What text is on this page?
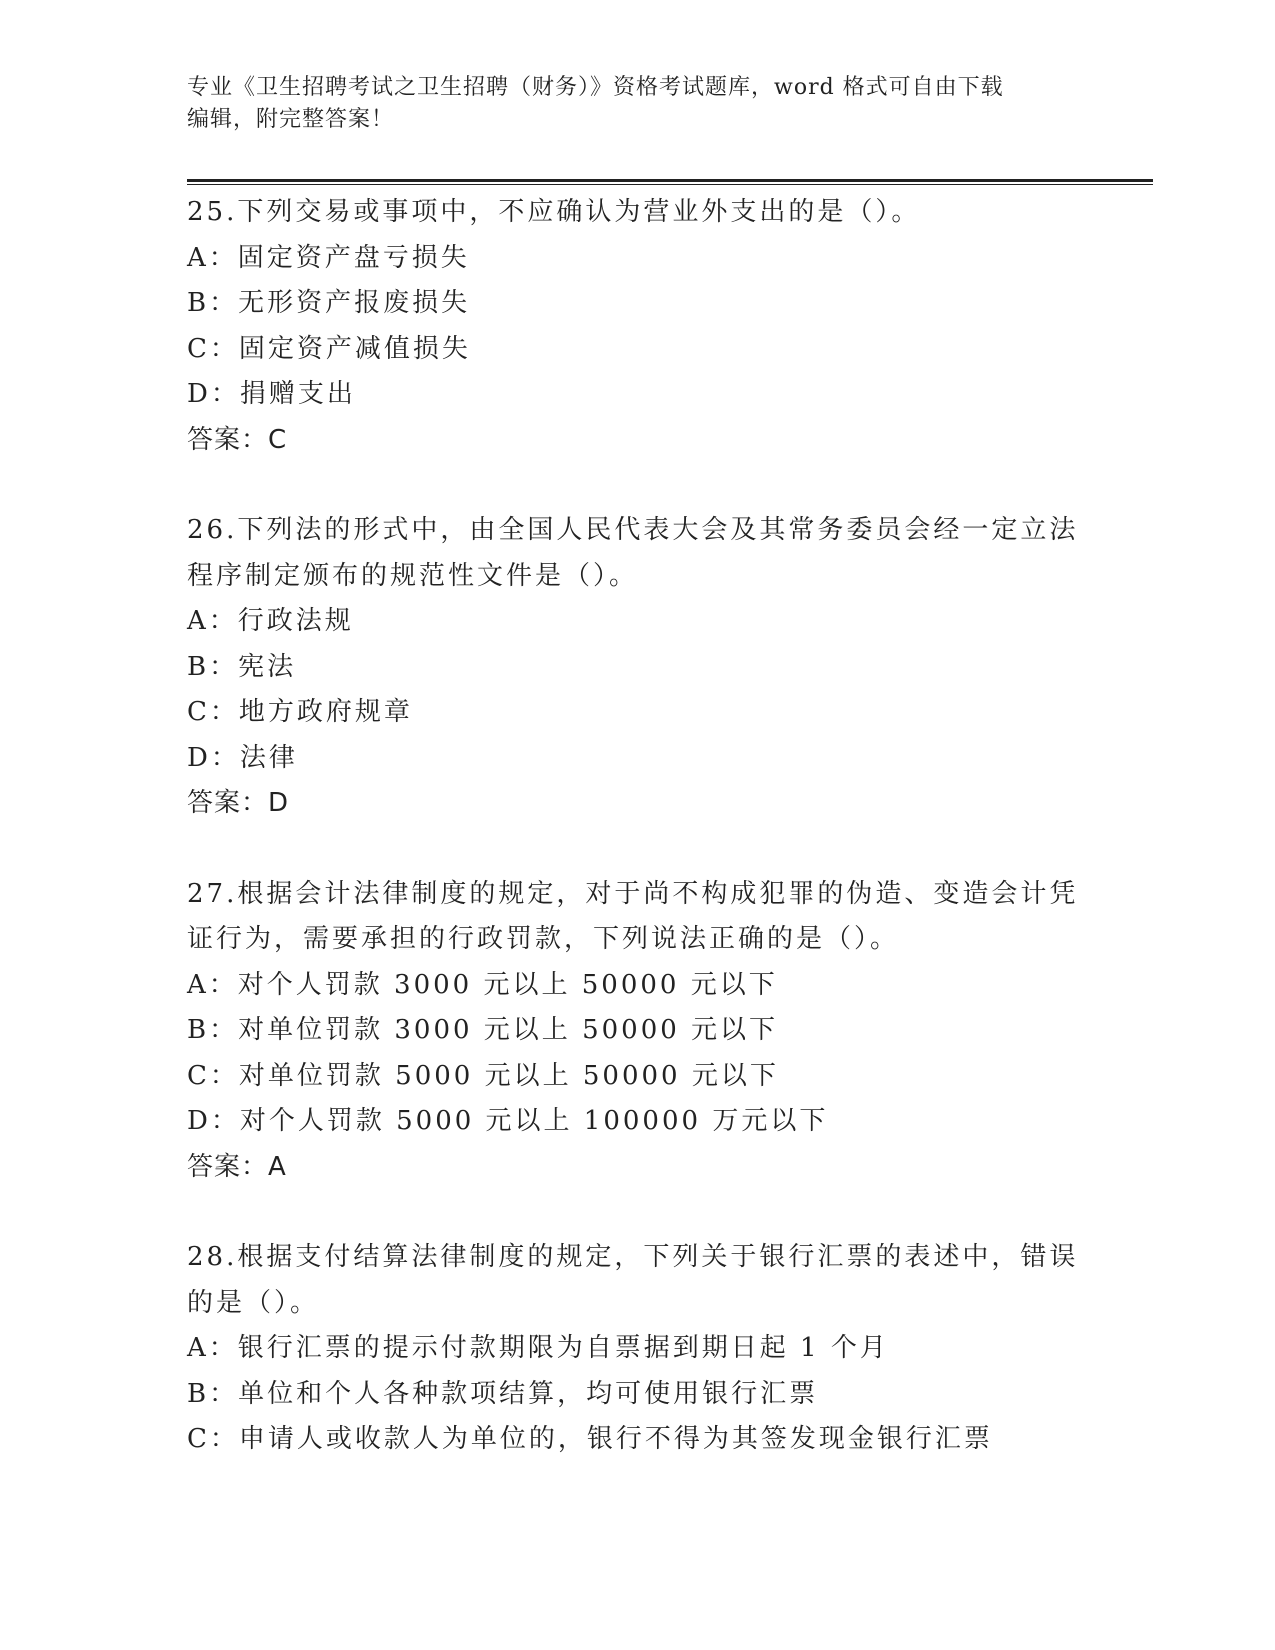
专业《卫生招聘考试之卫生招聘（财务）》资格考试题库，word 格式可自由下载
编辑，附完整答案！
25.下列交易或事项中，不应确认为营业外支出的是（）。
A：固定资产盘亏损失
B：无形资产报废损失
C：固定资产减值损失
D：捐赠支出
答案：C
26.下列法的形式中，由全国人民代表大会及其常务委员会经一定立法
程序制定颁布的规范性文件是（）。
A：行政法规
B：宪法
C：地方政府规章
D：法律
答案：D
27.根据会计法律制度的规定，对于尚不构成犯罪的伪造、变造会计凭
证行为，需要承担的行政罚款，下列说法正确的是（）。
A：对个人罚款 3000 元以上 50000 元以下
B：对单位罚款 3000 元以上 50000 元以下
C：对单位罚款 5000 元以上 50000 元以下
D：对个人罚款 5000 元以上 100000 万元以下
答案：A
28.根据支付结算法律制度的规定，下列关于银行汇票的表述中，错误
的是（）。
A：银行汇票的提示付款期限为自票据到期日起 1 个月
B：单位和个人各种款项结算，均可使用银行汇票
C：申请人或收款人为单位的，银行不得为其签发现金银行汇票
